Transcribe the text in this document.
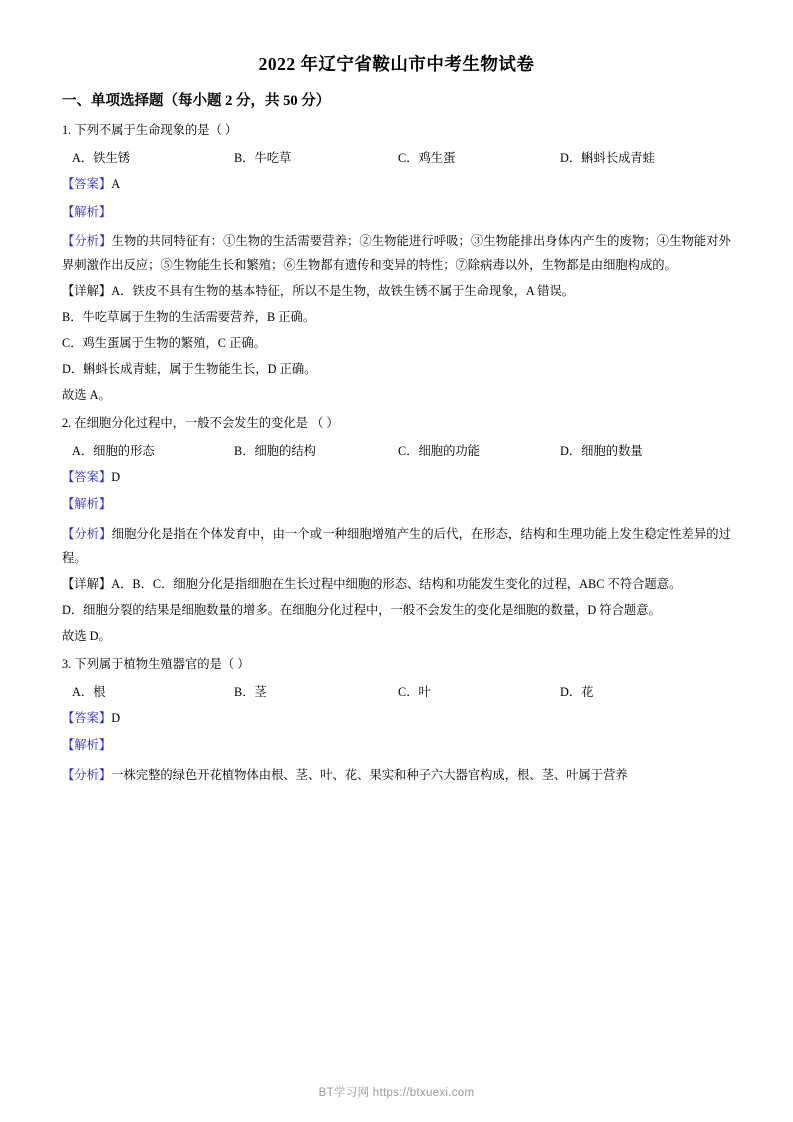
2022 年辽宁省鞍山市中考生物试卷
一、单项选择题（每小题 2 分，共 50 分）
1. 下列不属于生命现象的是（ ）
A．铁生锈	B．牛吃草	C．鸡生蛋	D．蝌蚪长成青蛙
【答案】A
【解析】
【分析】生物的共同特征有：①生物的生活需要营养；②生物能进行呼吸；③生物能排出身体内产生的废物；④生物能对外界刺激作出反应；⑤生物能生长和繁殖；⑥生物都有遗传和变异的特性；⑦除病毒以外，生物都是由细胞构成的。
【详解】A．铁皮不具有生物的基本特征，所以不是生物，故铁生锈不属于生命现象，A 错误。
B．牛吃草属于生物的生活需要营养，B 正确。
C．鸡生蛋属于生物的繁殖，C 正确。
D．蝌蚪长成青蛙，属于生物能生长，D 正确。
故选 A。
2. 在细胞分化过程中，一般不会发生的变化是 （ ）
A．细胞的形态	B．细胞的结构	C．细胞的功能	D．细胞的数量
【答案】D
【解析】
【分析】细胞分化是指在个体发育中，由一个或一种细胞增殖产生的后代，在形态，结构和生理功能上发生稳定性差异的过程。
【详解】A．B．C．细胞分化是指细胞在生长过程中细胞的形态、结构和功能发生变化的过程，ABC 不符合题意。
D．细胞分裂的结果是细胞数量的增多。在细胞分化过程中，一般不会发生的变化是细胞的数量，D 符合题意。
故选 D。
3. 下列属于植物生殖器官的是（ ）
A．根	B．茎	C．叶	D．花
【答案】D
【解析】
【分析】一株完整的绿色开花植物体由根、茎、叶、花、果实和种子六大器官构成，根、茎、叶属于营养
BT学习网 https://btxuexi.com
